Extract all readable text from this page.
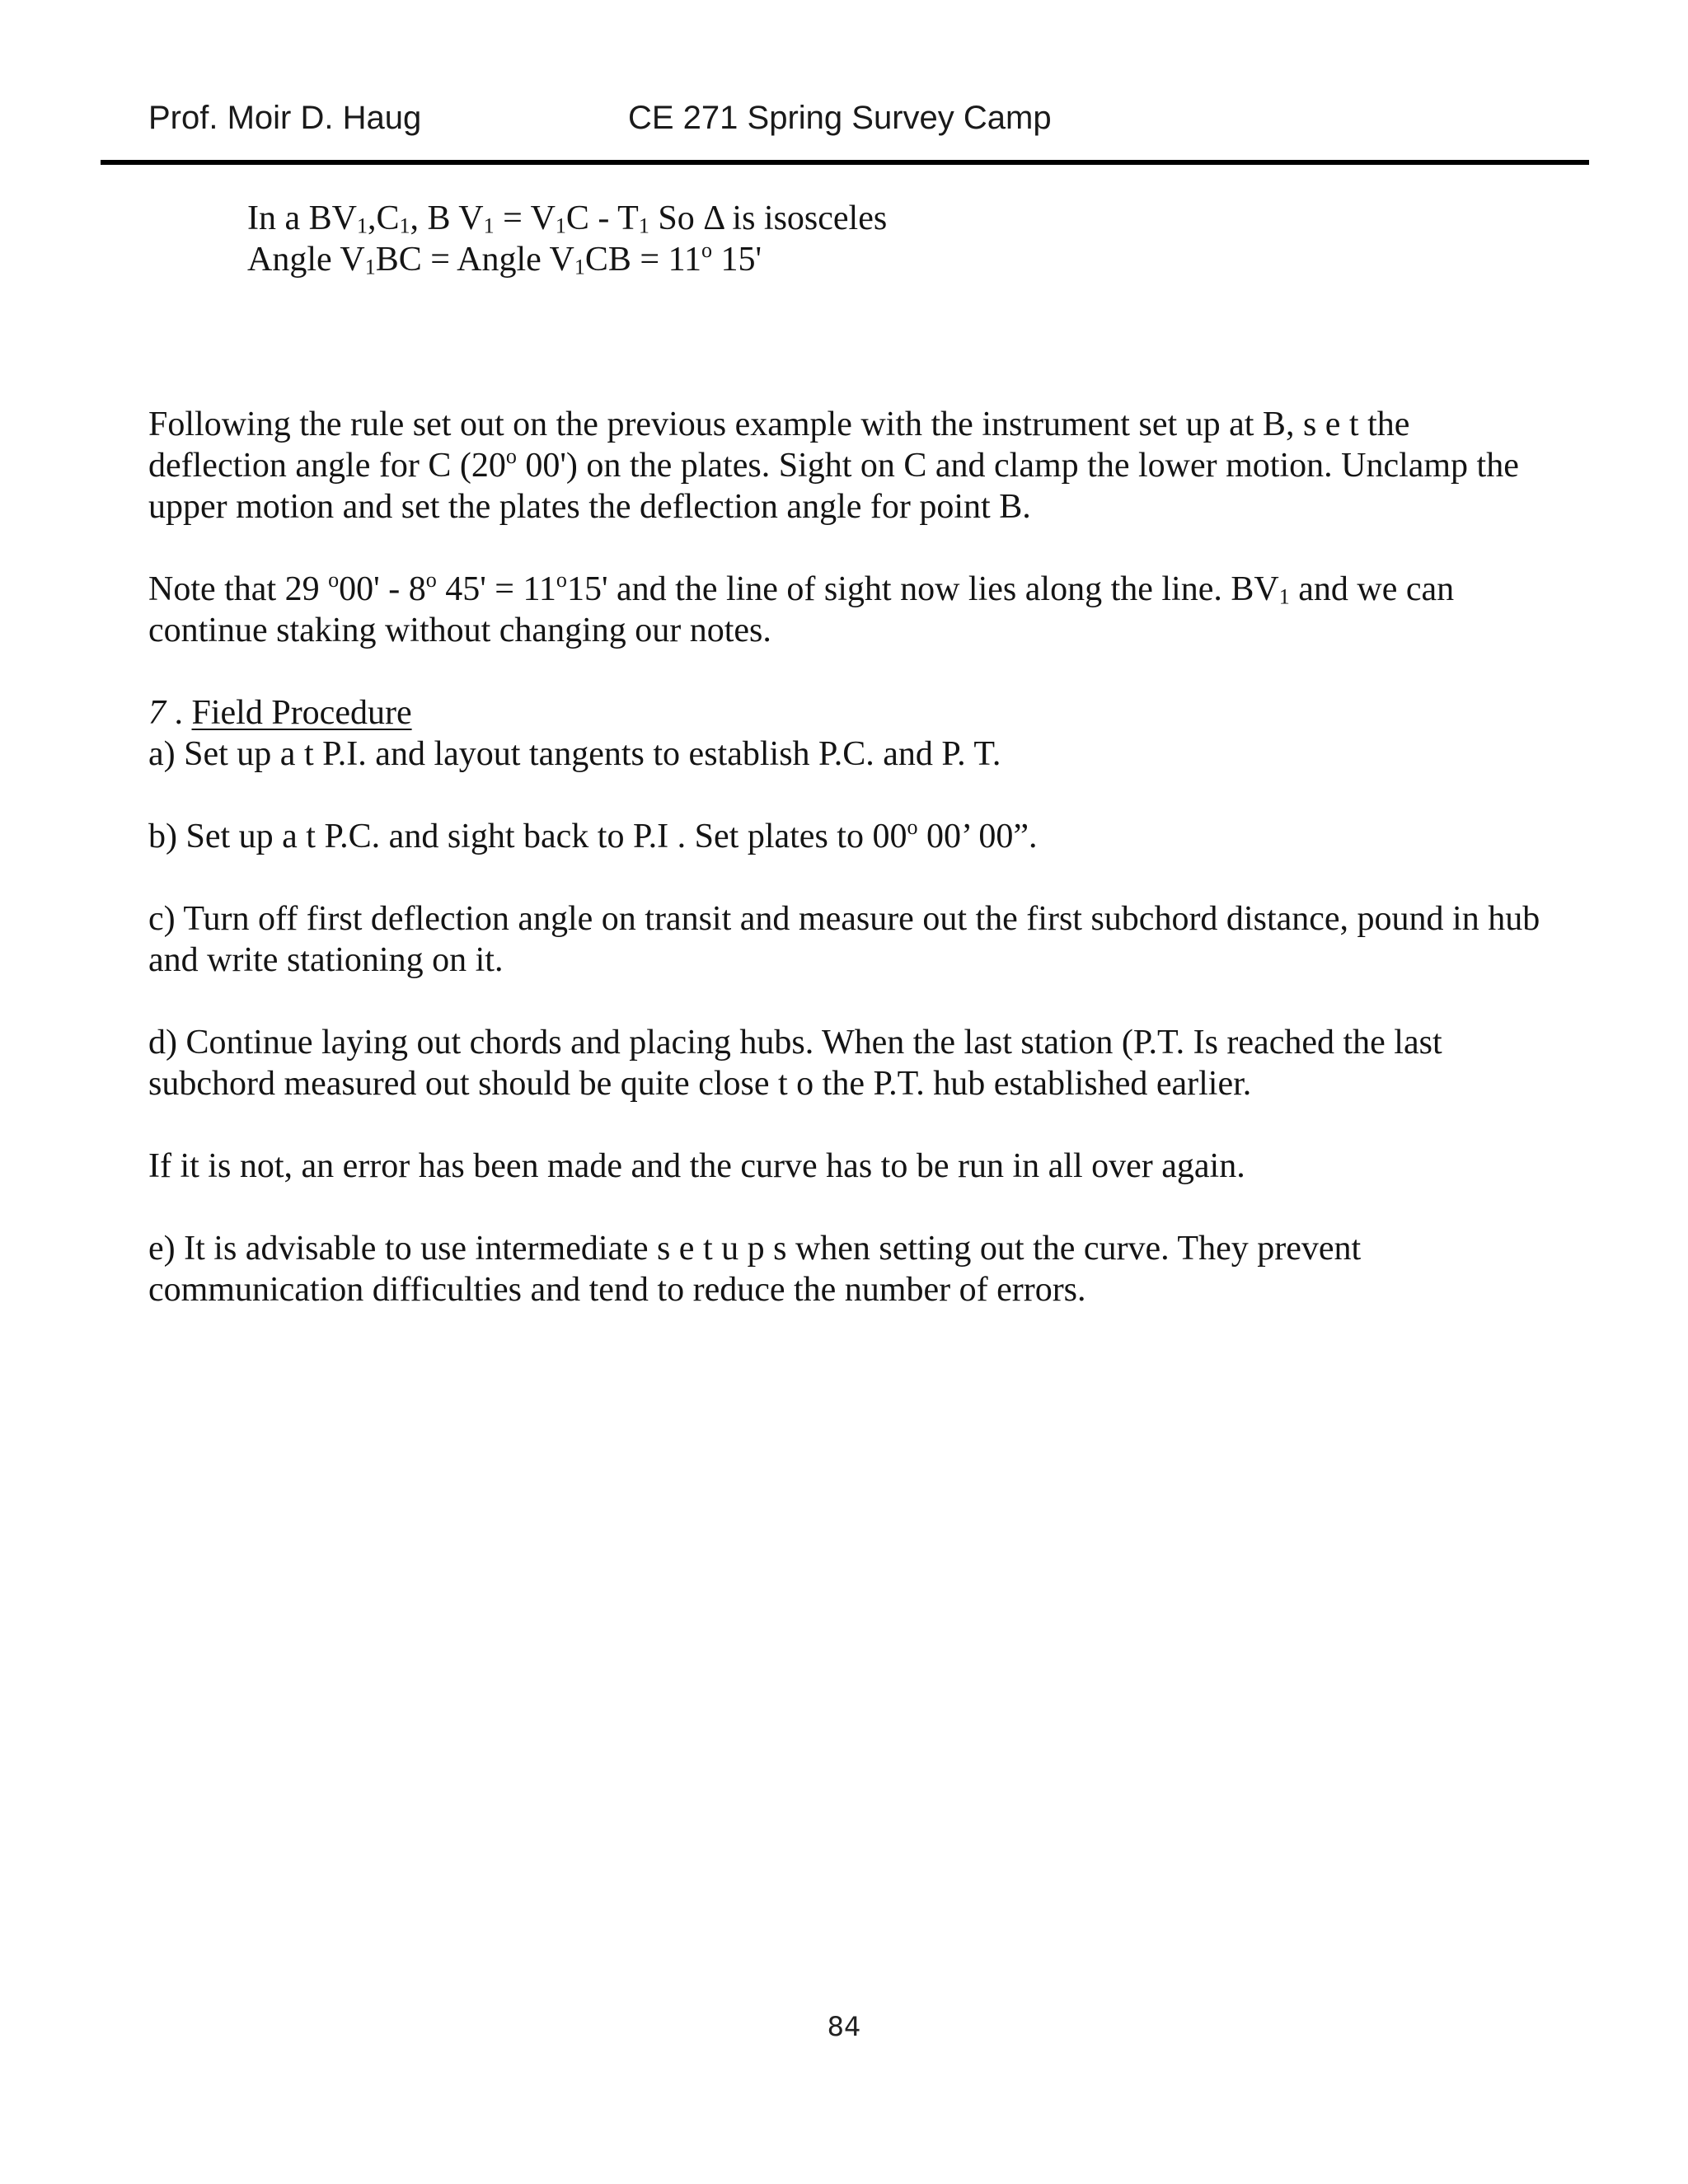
Prof. Moir D. Haug	CE 271 Spring Survey Camp

In a $BV_1,C_1$, B $V_1 = V_1C - T_1$ So Δ is isosceles
Angle $V_1BC$ = Angle $V_1CB = 11^o$ 15'

Following the rule set out on the previous example with the instrument set up at B, s e t the deflection angle for C (20$^o$ 00') on the plates. Sight on C and clamp the lower motion. Unclamp the upper motion and set the plates the deflection angle for point B.

Note that 29 $^o$00' - 8$^o$ $45' = 11^o15'$ and the line of sight now lies along the line. $BV_1$ and we can continue staking without changing our notes.

7 . Field Procedure

a) Set up a t P.I. and layout tangents to establish P.C. and P. T.

b) Set up a t P.C. and sight back to P.I . Set plates to 00$^o$ 00’ 00”.

c) Turn off first deflection angle on transit and measure out the first subchord distance, pound in hub and write stationing on it.

d) Continue laying out chords and placing hubs. When the last station (P.T. Is reached the last subchord measured out should be quite close t o the P.T. hub established earlier.

If it is not, an error has been made and the curve has to be run in all over again.

e) It is advisable to use intermediate s e t u p s when setting out the curve. They prevent communication difficulties and tend to reduce the number of errors.

84
